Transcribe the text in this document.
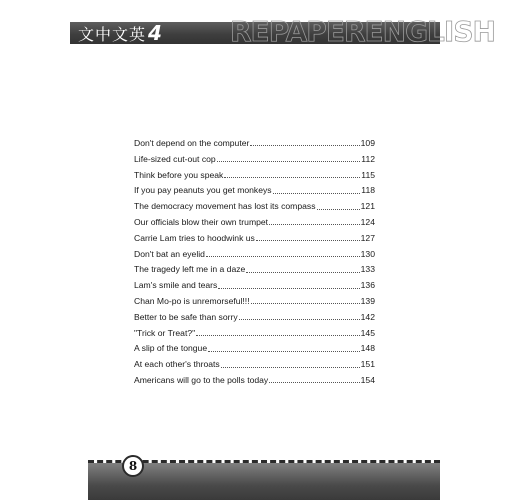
文中文英 4 REPAPERENGLISH
Don't depend on the computer	109
Life-sized cut-out cop	112
Think before you speak	115
If you pay peanuts you get monkeys	118
The democracy movement has lost its compass	121
Our officials blow their own trumpet	124
Carrie Lam tries to hoodwink us	127
Don't bat an eyelid	130
The tragedy left me in a daze	133
Lam's smile and tears	136
Chan Mo-po is unremorseful!!!	139
Better to be safe than sorry	142
"Trick or Treat?"	145
A slip of the tongue	148
At each other's throats	151
Americans will go to the polls today	154
8
